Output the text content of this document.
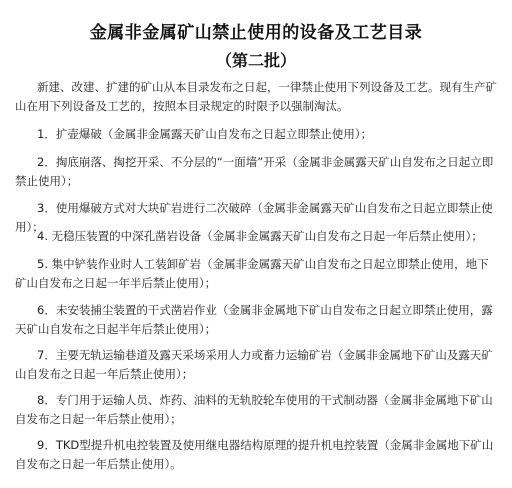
金属非金属矿山禁止使用的设备及工艺目录
（第二批）

新建、改建、扩建的矿山从本目录发布之日起，一律禁止使用下列设备及工艺。现有生产矿山在用下列设备及工艺的，按照本目录规定的时限予以强制淘汰。

1．扩壶爆破（金属非金属露天矿山自发布之日起立即禁止使用）；

2．掏底崩落、掏挖开采、不分层的“一面墙”开采（金属非金属露天矿山自发布之日起立即禁止使用）；

3．使用爆破方式对大块矿岩进行二次破碎（金属非金属露天矿山自发布之日起立即禁止使用）；

4. 无稳压装置的中深孔凿岩设备（金属非金属露天矿山自发布之日起一年后禁止使用）；

5. 集中铲装作业时人工装卸矿岩（金属非金属露天矿山自发布之日起立即禁止使用，地下矿山自发布之日起一年半后禁止使用）；

6．未安装捕尘装置的干式凿岩作业（金属非金属地下矿山自发布之日起立即禁止使用，露天矿山自发布之日起半年后禁止使用）；

7．主要无轨运输巷道及露天采场采用人力或畜力运输矿岩（金属非金属地下矿山及露天矿山自发布之日起一年后禁止使用）；

8．专门用于运输人员、炸药、油料的无轨胶轮车使用的干式制动器（金属非金属地下矿山自发布之日起一年后禁止使用）；

9．TKD型提升机电控装置及使用继电器结构原理的提升机电控装置（金属非金属地下矿山自发布之日起一年后禁止使用）。
